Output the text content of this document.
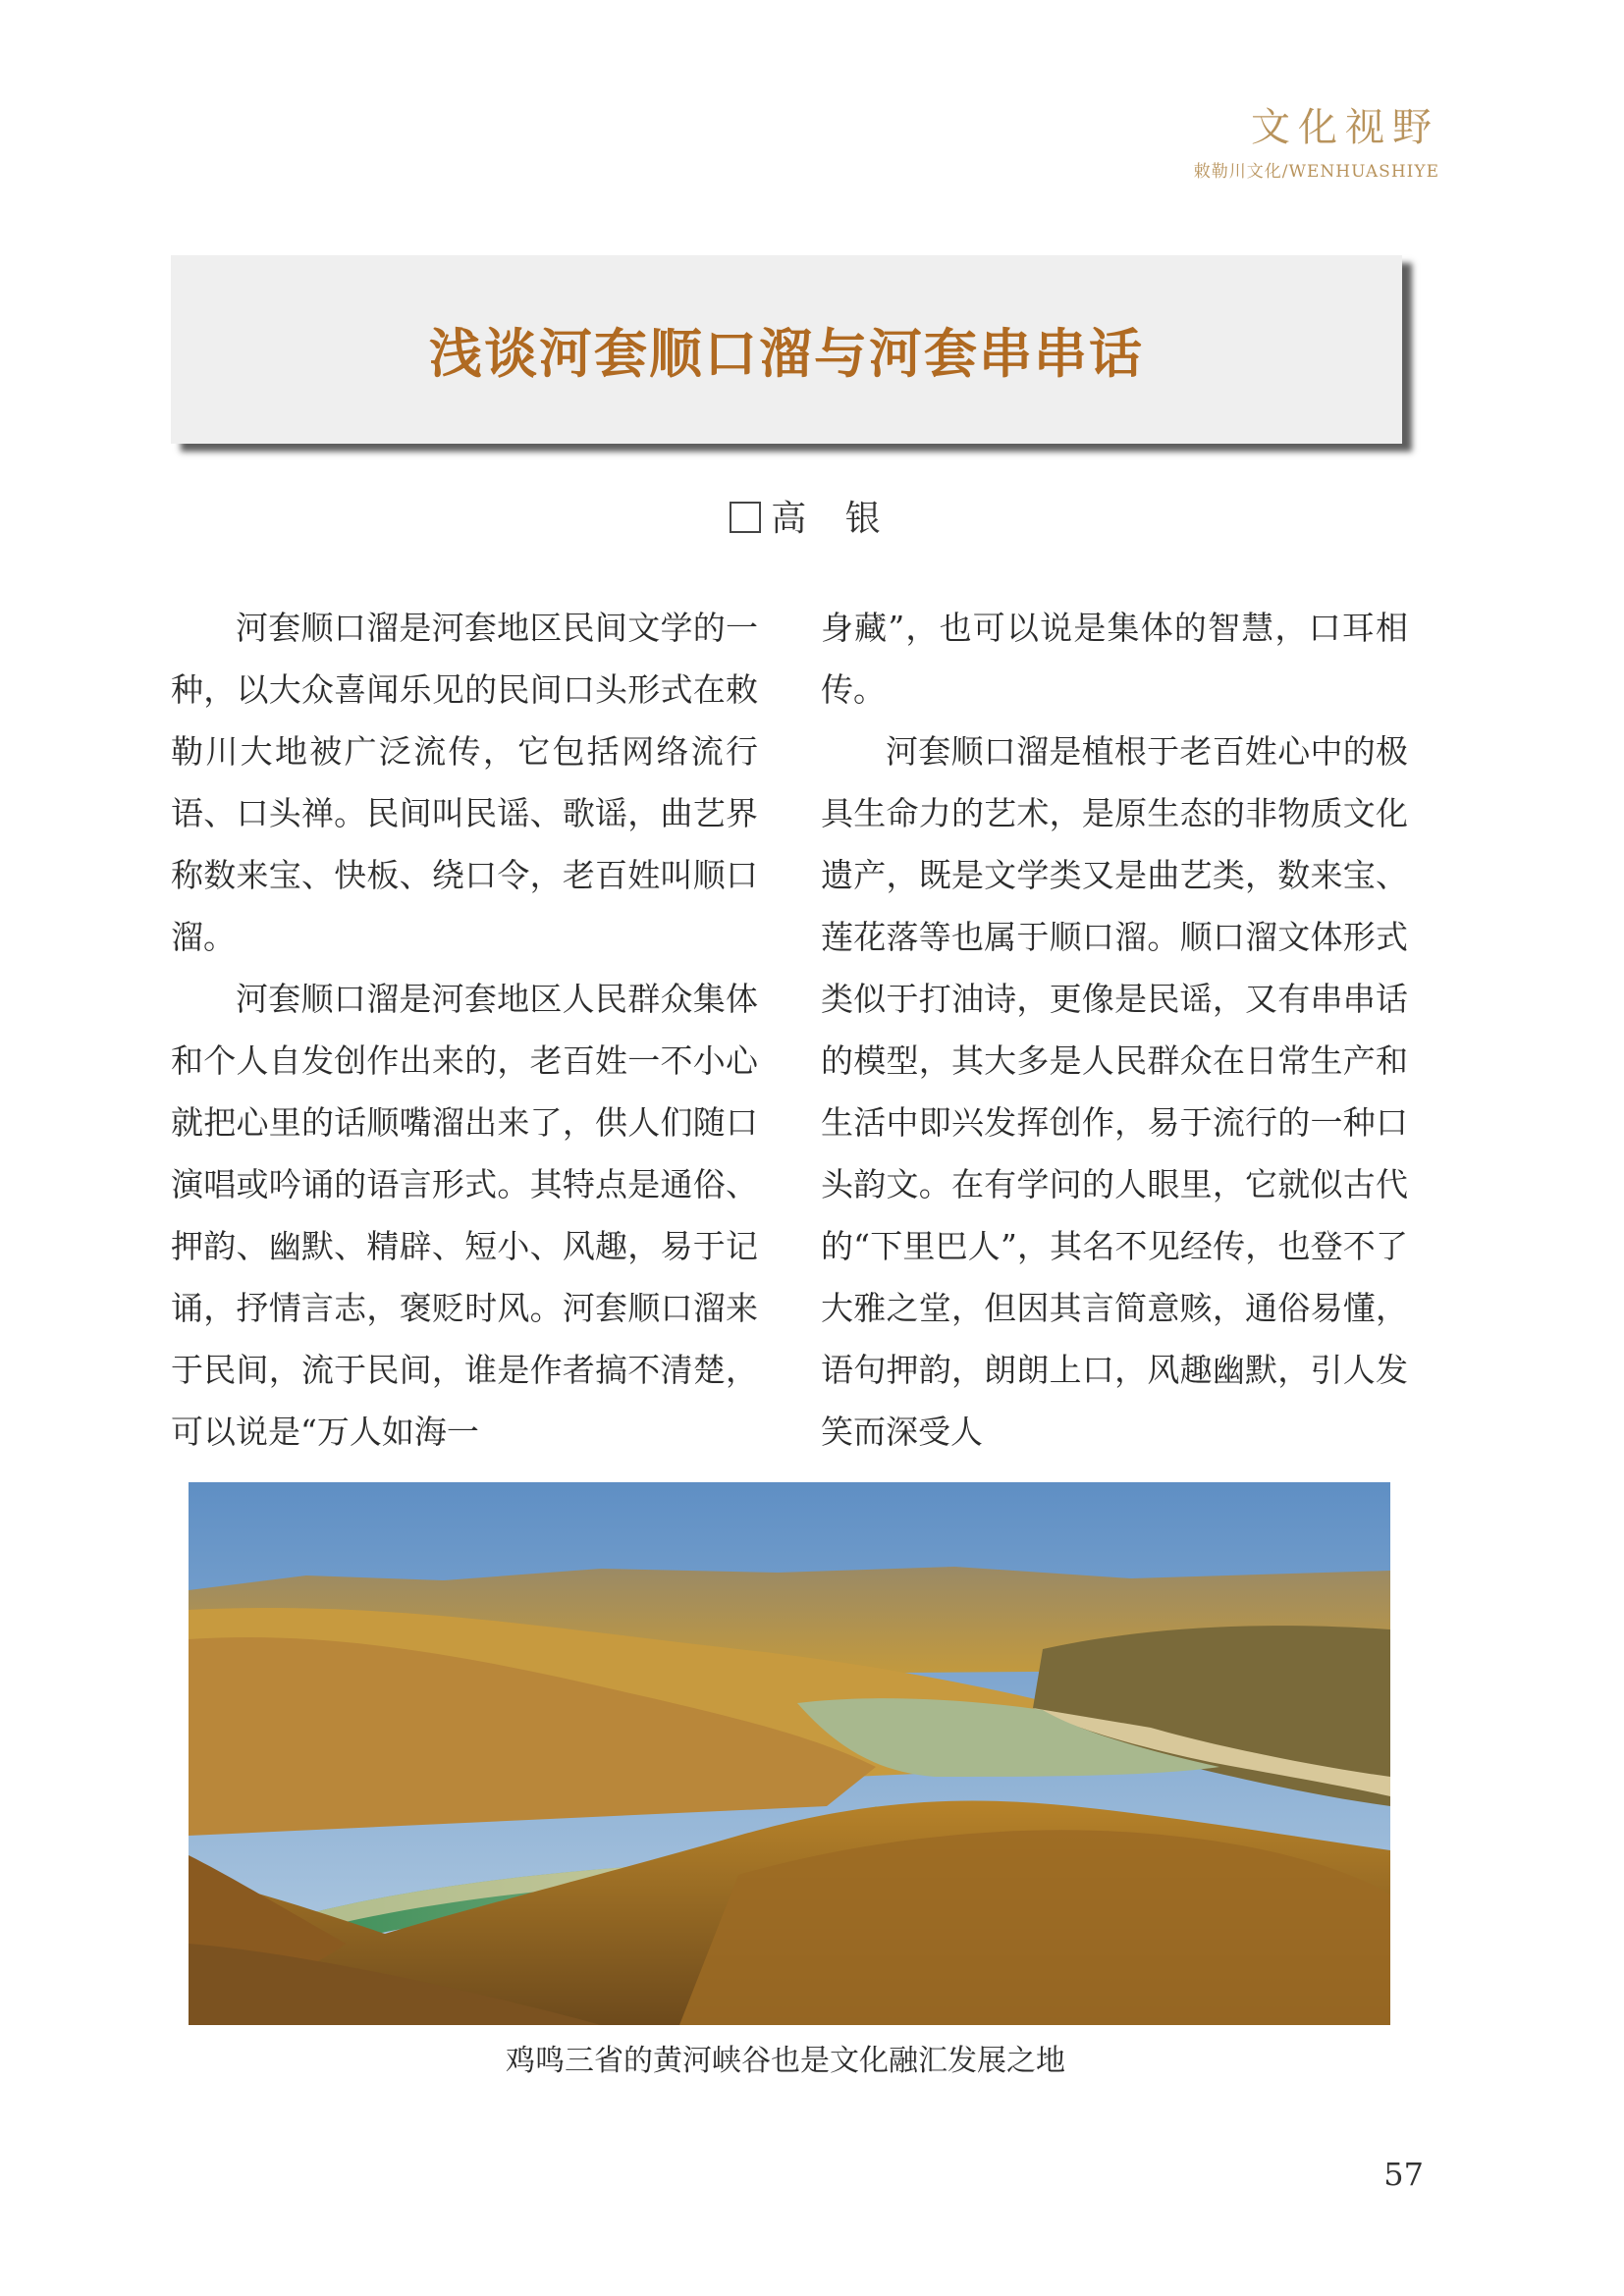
文化视野
敕勒川文化/WENHUASHIYE
浅谈河套顺口溜与河套串串话
高 银

河套顺口溜是河套地区民间文学的一种，以大众喜闻乐见的民间口头形式在敕勒川大地被广泛流传，它包括网络流行语、口头禅。民间叫民谣、歌谣，曲艺界称数来宝、快板、绕口令，老百姓叫顺口溜。

河套顺口溜是河套地区人民群众集体和个人自发创作出来的，老百姓一不小心就把心里的话顺嘴溜出来了，供人们随口演唱或吟诵的语言形式。其特点是通俗、押韵、幽默、精辟、短小、风趣，易于记诵，抒情言志，褒贬时风。河套顺口溜来于民间，流于民间，谁是作者搞不清楚，可以说是“万人如海一

身藏”，也可以说是集体的智慧，口耳相传。

河套顺口溜是植根于老百姓心中的极具生命力的艺术，是原生态的非物质文化遗产，既是文学类又是曲艺类，数来宝、莲花落等也属于顺口溜。顺口溜文体形式类似于打油诗，更像是民谣，又有串串话的模型，其大多是人民群众在日常生产和生活中即兴发挥创作，易于流行的一种口头韵文。在有学问的人眼里，它就似古代的“下里巴人”，其名不见经传，也登不了大雅之堂，但因其言简意赅，通俗易懂，语句押韵，朗朗上口，风趣幽默，引人发笑而深受人

鸡鸣三省的黄河峡谷也是文化融汇发展之地
57
